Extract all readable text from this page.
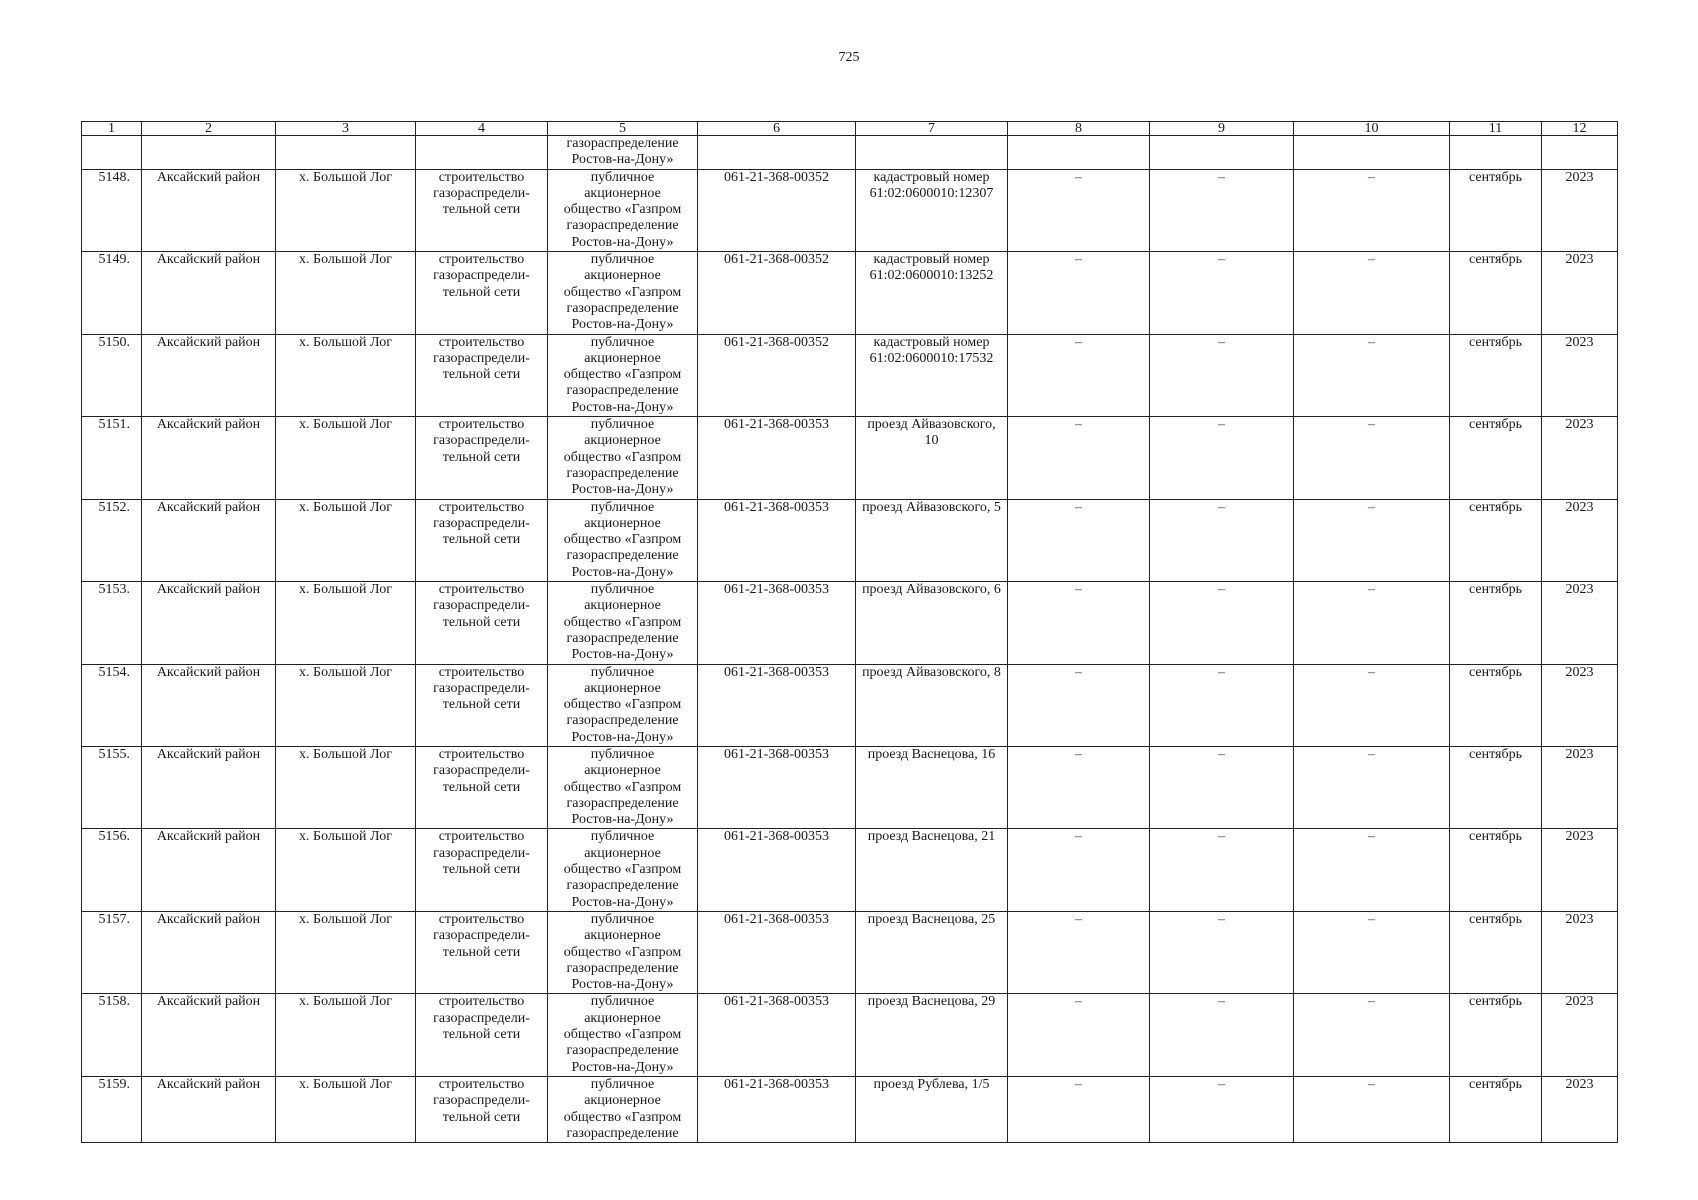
725
1	2	3	4	5	6	7	8	9	10	11	12
				газораспределение
Ростов-на-Дону»							
5148.	Аксайский район	х. Большой Лог	строительство
газораспредели-
тельной сети	публичное
акционерное
общество «Газпром
газораспределение
Ростов-на-Дону»	061-21-368-00352	кадастровый номер
61:02:0600010:12307	–	–	–	сентябрь	2023
5149.	Аксайский район	х. Большой Лог	строительство
газораспредели-
тельной сети	публичное
акционерное
общество «Газпром
газораспределение
Ростов-на-Дону»	061-21-368-00352	кадастровый номер
61:02:0600010:13252	–	–	–	сентябрь	2023
5150.	Аксайский район	х. Большой Лог	строительство
газораспредели-
тельной сети	публичное
акционерное
общество «Газпром
газораспределение
Ростов-на-Дону»	061-21-368-00352	кадастровый номер
61:02:0600010:17532	–	–	–	сентябрь	2023
5151.	Аксайский район	х. Большой Лог	строительство
газораспредели-
тельной сети	публичное
акционерное
общество «Газпром
газораспределение
Ростов-на-Дону»	061-21-368-00353	проезд Айвазовского,
10	–	–	–	сентябрь	2023
5152.	Аксайский район	х. Большой Лог	строительство
газораспредели-
тельной сети	публичное
акционерное
общество «Газпром
газораспределение
Ростов-на-Дону»	061-21-368-00353	проезд Айвазовского, 5	–	–	–	сентябрь	2023
5153.	Аксайский район	х. Большой Лог	строительство
газораспредели-
тельной сети	публичное
акционерное
общество «Газпром
газораспределение
Ростов-на-Дону»	061-21-368-00353	проезд Айвазовского, 6	–	–	–	сентябрь	2023
5154.	Аксайский район	х. Большой Лог	строительство
газораспредели-
тельной сети	публичное
акционерное
общество «Газпром
газораспределение
Ростов-на-Дону»	061-21-368-00353	проезд Айвазовского, 8	–	–	–	сентябрь	2023
5155.	Аксайский район	х. Большой Лог	строительство
газораспредели-
тельной сети	публичное
акционерное
общество «Газпром
газораспределение
Ростов-на-Дону»	061-21-368-00353	проезд Васнецова, 16	–	–	–	сентябрь	2023
5156.	Аксайский район	х. Большой Лог	строительство
газораспредели-
тельной сети	публичное
акционерное
общество «Газпром
газораспределение
Ростов-на-Дону»	061-21-368-00353	проезд Васнецова, 21	–	–	–	сентябрь	2023
5157.	Аксайский район	х. Большой Лог	строительство
газораспредели-
тельной сети	публичное
акционерное
общество «Газпром
газораспределение
Ростов-на-Дону»	061-21-368-00353	проезд Васнецова, 25	–	–	–	сентябрь	2023
5158.	Аксайский район	х. Большой Лог	строительство
газораспредели-
тельной сети	публичное
акционерное
общество «Газпром
газораспределение
Ростов-на-Дону»	061-21-368-00353	проезд Васнецова, 29	–	–	–	сентябрь	2023
5159.	Аксайский район	х. Большой Лог	строительство
газораспредели-
тельной сети	публичное
акционерное
общество «Газпром
газораспределение	061-21-368-00353	проезд Рублева, 1/5	–	–	–	сентябрь	2023
